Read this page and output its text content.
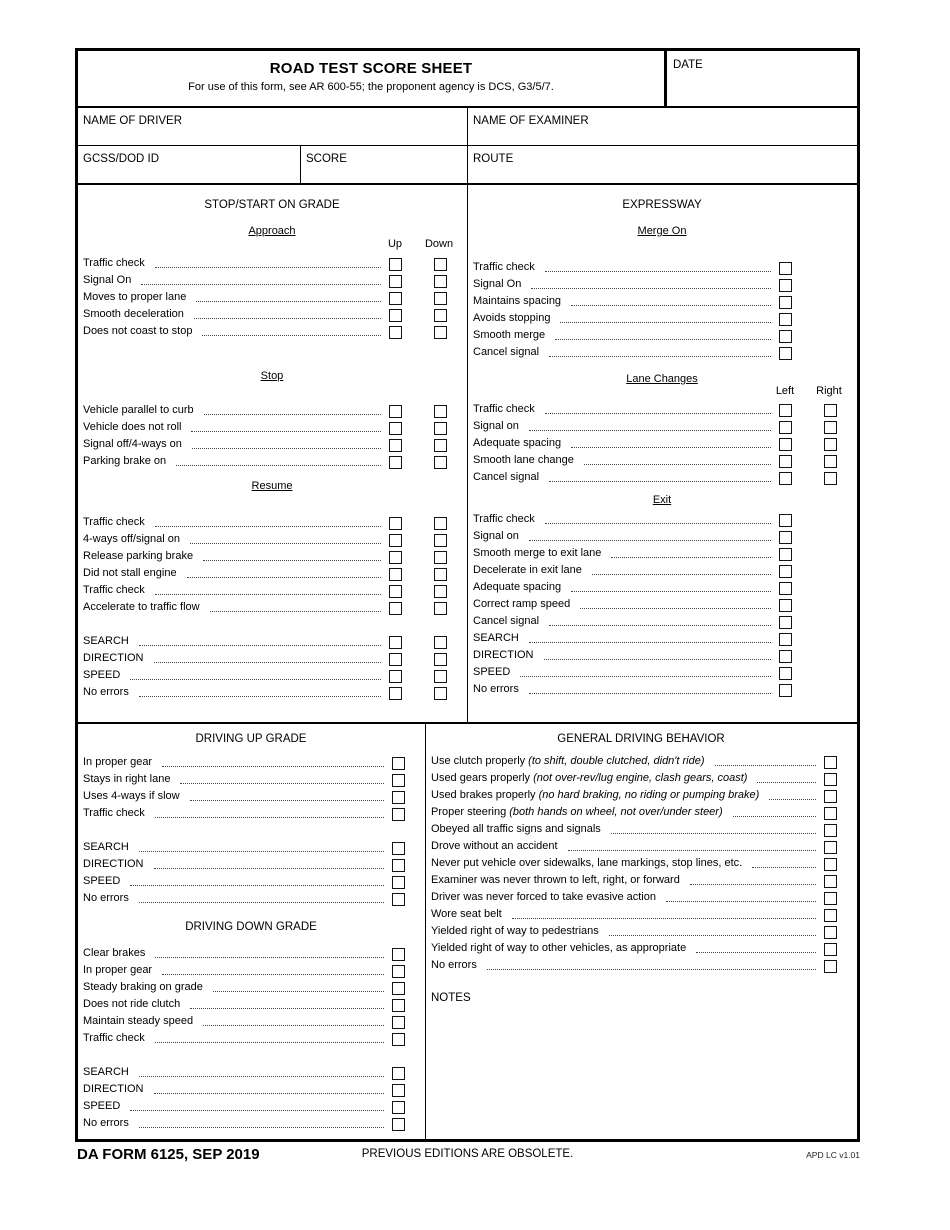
ROAD TEST SCORE SHEET
For use of this form, see AR 600-55; the proponent agency is DCS, G3/5/7.
DATE
NAME OF DRIVER	NAME OF EXAMINER
GCSS/DOD ID	SCORE	ROUTE
STOP/START ON GRADE
Approach
Up	Down
Traffic check
Signal On
Moves to proper lane
Smooth deceleration
Does not coast to stop
Stop
Vehicle parallel to curb
Vehicle does not roll
Signal off/4-ways on
Parking brake on
Resume
Traffic check
4-ways off/signal on
Release parking brake
Did not stall engine
Traffic check
Accelerate to traffic flow
SEARCH
DIRECTION
SPEED
No errors
EXPRESSWAY
Merge On
Traffic check
Signal On
Maintains spacing
Avoids stopping
Smooth merge
Cancel signal
Lane Changes
Left	Right
Traffic check
Signal on
Adequate spacing
Smooth lane change
Cancel signal
Exit
Traffic check
Signal on
Smooth merge to exit lane
Decelerate in exit lane
Adequate spacing
Correct ramp speed
Cancel signal
SEARCH
DIRECTION
SPEED
No errors
DRIVING UP GRADE
In proper gear
Stays in right lane
Uses 4-ways if slow
Traffic check
SEARCH
DIRECTION
SPEED
No errors
DRIVING DOWN GRADE
Clear brakes
In proper gear
Steady braking on grade
Does not ride clutch
Maintain steady speed
Traffic check
SEARCH
DIRECTION
SPEED
No errors
GENERAL DRIVING BEHAVIOR
Use clutch properly (to shift, double clutched, didn't ride)
Used gears properly (not over-rev/lug engine, clash gears, coast)
Used brakes properly (no hard braking, no riding or pumping brake)
Proper steering (both hands on wheel, not over/under steer)
Obeyed all traffic signs and signals
Drove without an accident
Never put vehicle over sidewalks, lane markings, stop lines, etc.
Examiner was never thrown to left, right, or forward
Driver was never forced to take evasive action
Wore seat belt
Yielded right of way to pedestrians
Yielded right of way to other vehicles, as appropriate
No errors
NOTES
DA FORM 6125, SEP 2019	PREVIOUS EDITIONS ARE OBSOLETE.	APD LC v1.01
